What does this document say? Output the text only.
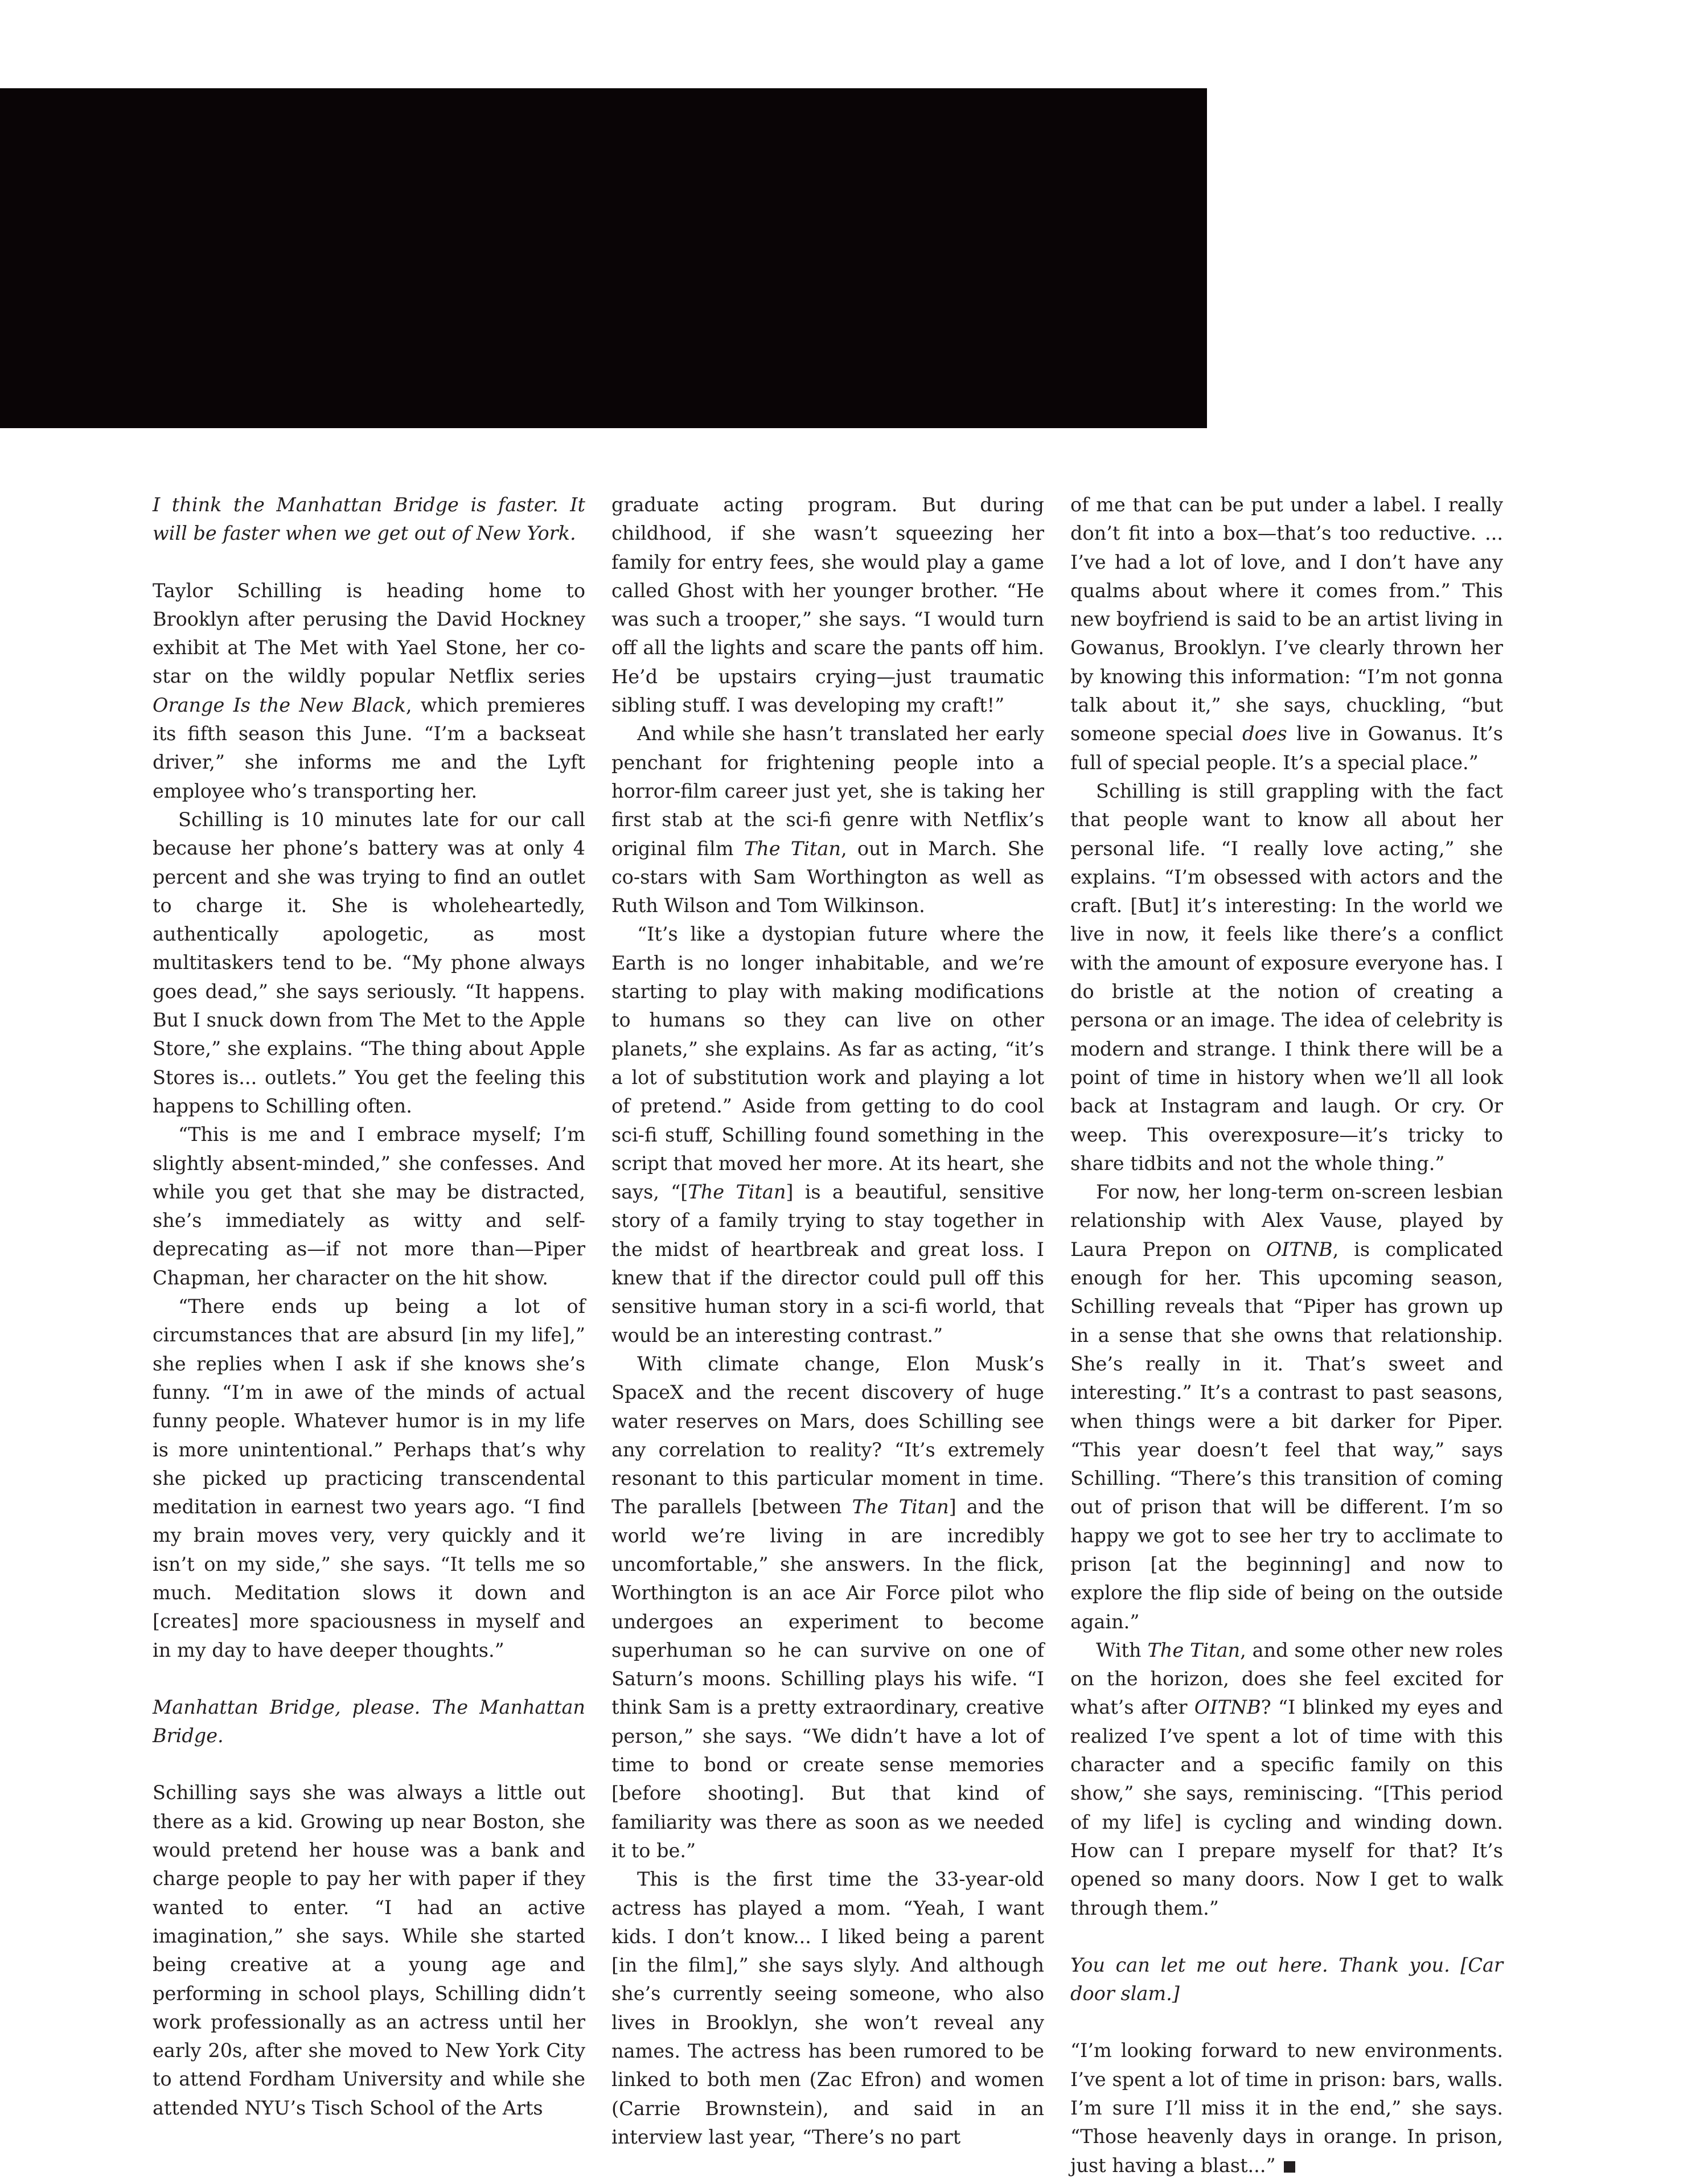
I think the Manhattan Bridge is faster. It will be faster when we get out of New York.

Taylor Schilling is heading home to Brooklyn after perusing the David Hockney exhibit at The Met with Yael Stone, her co-star on the wildly popular Netflix series Orange Is the New Black, which premieres its fifth season this June. “I’m a backseat driver,” she informs me and the Lyft employee who’s transporting her.

Schilling is 10 minutes late for our call because her phone’s battery was at only 4 percent and she was trying to find an outlet to charge it. She is wholeheartedly, authentically apologetic, as most multitaskers tend to be. “My phone always goes dead,” she says seriously. “It happens. But I snuck down from The Met to the Apple Store,” she explains. “The thing about Apple Stores is... outlets.” You get the feeling this happens to Schilling often.

“This is me and I embrace myself; I’m slightly absent-minded,” she confesses. And while you get that she may be distracted, she’s immediately as witty and self-deprecating as—if not more than—Piper Chapman, her character on the hit show.

“There ends up being a lot of circumstances that are absurd [in my life],” she replies when I ask if she knows she’s funny. “I’m in awe of the minds of actual funny people. Whatever humor is in my life is more unintentional.” Perhaps that’s why she picked up practicing transcendental meditation in earnest two years ago. “I find my brain moves very, very quickly and it isn’t on my side,” she says. “It tells me so much. Meditation slows it down and [creates] more spaciousness in myself and in my day to have deeper thoughts.”

Manhattan Bridge, please. The Manhattan Bridge.

Schilling says she was always a little out there as a kid. Growing up near Boston, she would pretend her house was a bank and charge people to pay her with paper if they wanted to enter. “I had an active imagination,” she says. While she started being creative at a young age and performing in school plays, Schilling didn’t work professionally as an actress until her early 20s, after she moved to New York City to attend Fordham University and while she attended NYU’s Tisch School of the Arts

graduate acting program. But during childhood, if she wasn’t squeezing her family for entry fees, she would play a game called Ghost with her younger brother. “He was such a trooper,” she says. “I would turn off all the lights and scare the pants off him. He’d be upstairs crying—just traumatic sibling stuff. I was developing my craft!”

And while she hasn’t translated her early penchant for frightening people into a horror-film career just yet, she is taking her first stab at the sci-fi genre with Netflix’s original film The Titan, out in March. She co-stars with Sam Worthington as well as Ruth Wilson and Tom Wilkinson.

“It’s like a dystopian future where the Earth is no longer inhabitable, and we’re starting to play with making modifications to humans so they can live on other planets,” she explains. As far as acting, “it’s a lot of substitution work and playing a lot of pretend.” Aside from getting to do cool sci-fi stuff, Schilling found something in the script that moved her more. At its heart, she says, “[The Titan] is a beautiful, sensitive story of a family trying to stay together in the midst of heartbreak and great loss. I knew that if the director could pull off this sensitive human story in a sci-fi world, that would be an interesting contrast.”

With climate change, Elon Musk’s SpaceX and the recent discovery of huge water reserves on Mars, does Schilling see any correlation to reality? “It’s extremely resonant to this particular moment in time. The parallels [between The Titan] and the world we’re living in are incredibly uncomfortable,” she answers. In the flick, Worthington is an ace Air Force pilot who undergoes an experiment to become superhuman so he can survive on one of Saturn’s moons. Schilling plays his wife. “I think Sam is a pretty extraordinary, creative person,” she says. “We didn’t have a lot of time to bond or create sense memories [before shooting]. But that kind of familiarity was there as soon as we needed it to be.”

This is the first time the 33-year-old actress has played a mom. “Yeah, I want kids. I don’t know... I liked being a parent [in the film],” she says slyly. And although she’s currently seeing someone, who also lives in Brooklyn, she won’t reveal any names. The actress has been rumored to be linked to both men (Zac Efron) and women (Carrie Brownstein), and said in an interview last year, “There’s no part

of me that can be put under a label. I really don’t fit into a box—that’s too reductive. ... I’ve had a lot of love, and I don’t have any qualms about where it comes from.” This new boyfriend is said to be an artist living in Gowanus, Brooklyn. I’ve clearly thrown her by knowing this information: “I’m not gonna talk about it,” she says, chuckling, “but someone special does live in Gowanus. It’s full of special people. It’s a special place.”

Schilling is still grappling with the fact that people want to know all about her personal life. “I really love acting,” she explains. “I’m obsessed with actors and the craft. [But] it’s interesting: In the world we live in now, it feels like there’s a conflict with the amount of exposure everyone has. I do bristle at the notion of creating a persona or an image. The idea of celebrity is modern and strange. I think there will be a point of time in history when we’ll all look back at Instagram and laugh. Or cry. Or weep. This overexposure—it’s tricky to share tidbits and not the whole thing.”

For now, her long-term on-screen lesbian relationship with Alex Vause, played by Laura Prepon on OITNB, is complicated enough for her. This upcoming season, Schilling reveals that “Piper has grown up in a sense that she owns that relationship. She’s really in it. That’s sweet and interesting.” It’s a contrast to past seasons, when things were a bit darker for Piper. “This year doesn’t feel that way,” says Schilling. “There’s this transition of coming out of prison that will be different. I’m so happy we got to see her try to acclimate to prison [at the beginning] and now to explore the flip side of being on the outside again.”

With The Titan, and some other new roles on the horizon, does she feel excited for what’s after OITNB? “I blinked my eyes and realized I’ve spent a lot of time with this character and a specific family on this show,” she says, reminiscing. “[This period of my life] is cycling and winding down. How can I prepare myself for that? It’s opened so many doors. Now I get to walk through them.”

You can let me out here. Thank you. [Car door slam.]

“I’m looking forward to new environments. I’ve spent a lot of time in prison: bars, walls. I’m sure I’ll miss it in the end,” she says. “Those heavenly days in orange. In prison, just having a blast...”
